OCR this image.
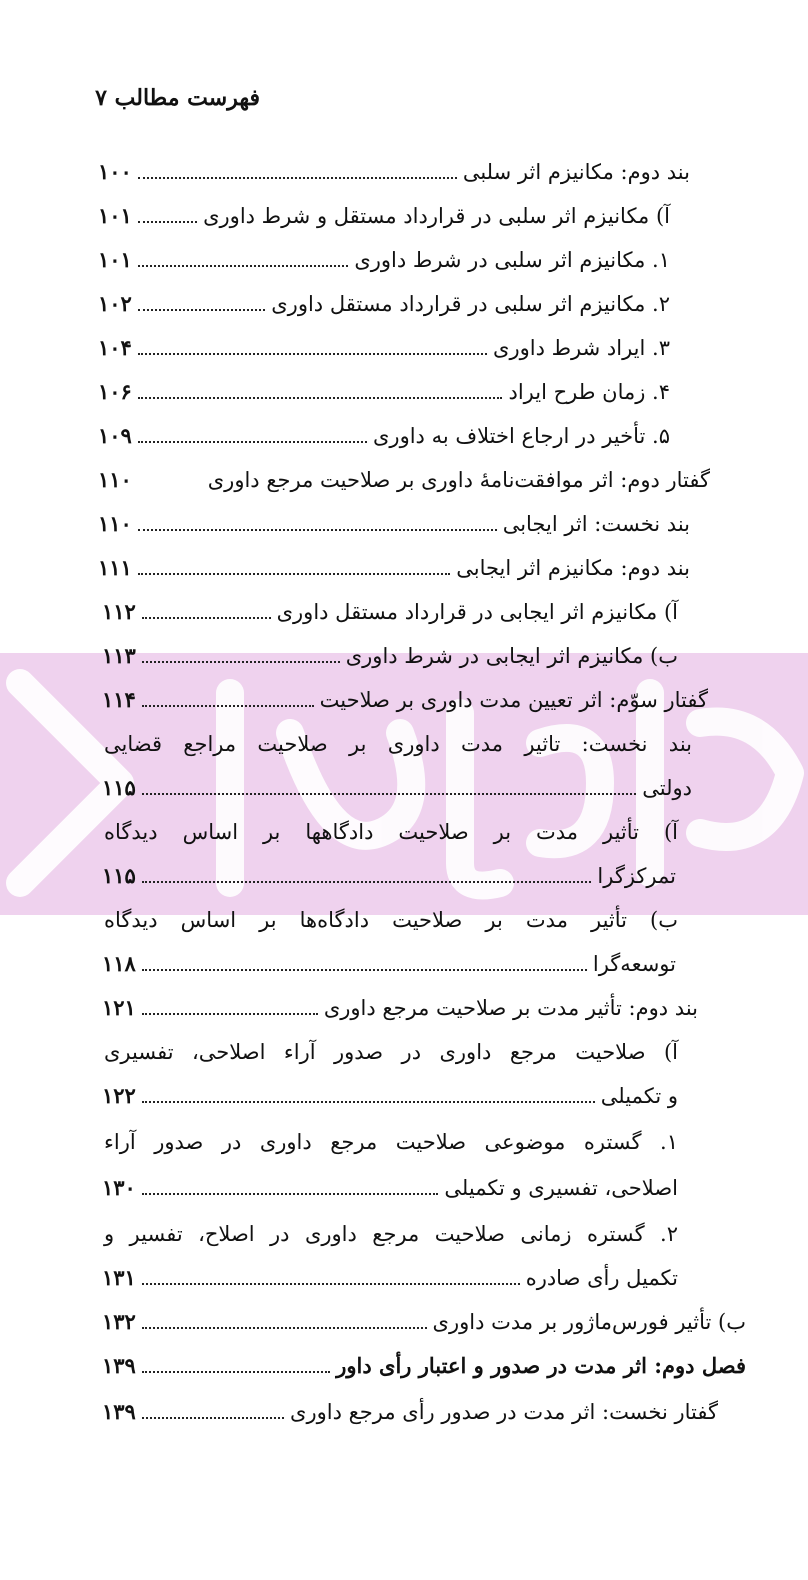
فهرست مطالب ۷
بند دوم: مکانیزم اثر سلبی
۱۰۰
آ) مکانیزم اثر سلبی در قرارداد مستقل و شرط داوری
۱۰۱
۱. مکانیزم اثر سلبی در شرط داوری
۱۰۱
۲. مکانیزم اثر سلبی در قرارداد مستقل داوری
۱۰۲
۳. ایراد شرط داوری
۱۰۴
۴. زمان طرح ایراد
۱۰۶
۵. تأخیر در ارجاع اختلاف به داوری
۱۰۹
گفتار دوم: اثر موافقت‌نامهٔ داوری بر صلاحیت مرجع داوری
۱۱۰
بند نخست: اثر ایجابی
۱۱۰
بند دوم: مکانیزم اثر ایجابی
۱۱۱
آ) مکانیزم اثر ایجابی در قرارداد مستقل داوری
۱۱۲
ب) مکانیزم اثر ایجابی در شرط داوری
۱۱۳
گفتار سوّم: اثر تعیین مدت داوری بر صلاحیت
۱۱۴
بند نخست: تاثیر مدت داوری بر صلاحیت مراجع قضایی
دولتی
۱۱۵
آ) تأثیر مدت بر صلاحیت دادگاهها بر اساس دیدگاه
تمرکزگرا
۱۱۵
ب) تأثیر مدت بر صلاحیت دادگاه‌ها بر اساس دیدگاه
توسعه‌گرا
۱۱۸
بند دوم: تأثیر مدت بر صلاحیت مرجع داوری
۱۲۱
آ) صلاحیت مرجع داوری در صدور آراء اصلاحی، تفسیری
و تکمیلی
۱۲۲
۱. گستره موضوعی صلاحیت مرجع داوری در صدور آراء
اصلاحی، تفسیری و تکمیلی
۱۳۰
۲. گستره زمانی صلاحیت مرجع داوری در اصلاح، تفسیر و
تکمیل رأی صادره
۱۳۱
ب) تأثیر فورس‌ماژور بر مدت داوری
۱۳۲
فصل دوم: اثر مدت در صدور و اعتبار رأی داور
۱۳۹
گفتار نخست: اثر مدت در صدور رأی مرجع داوری
۱۳۹
